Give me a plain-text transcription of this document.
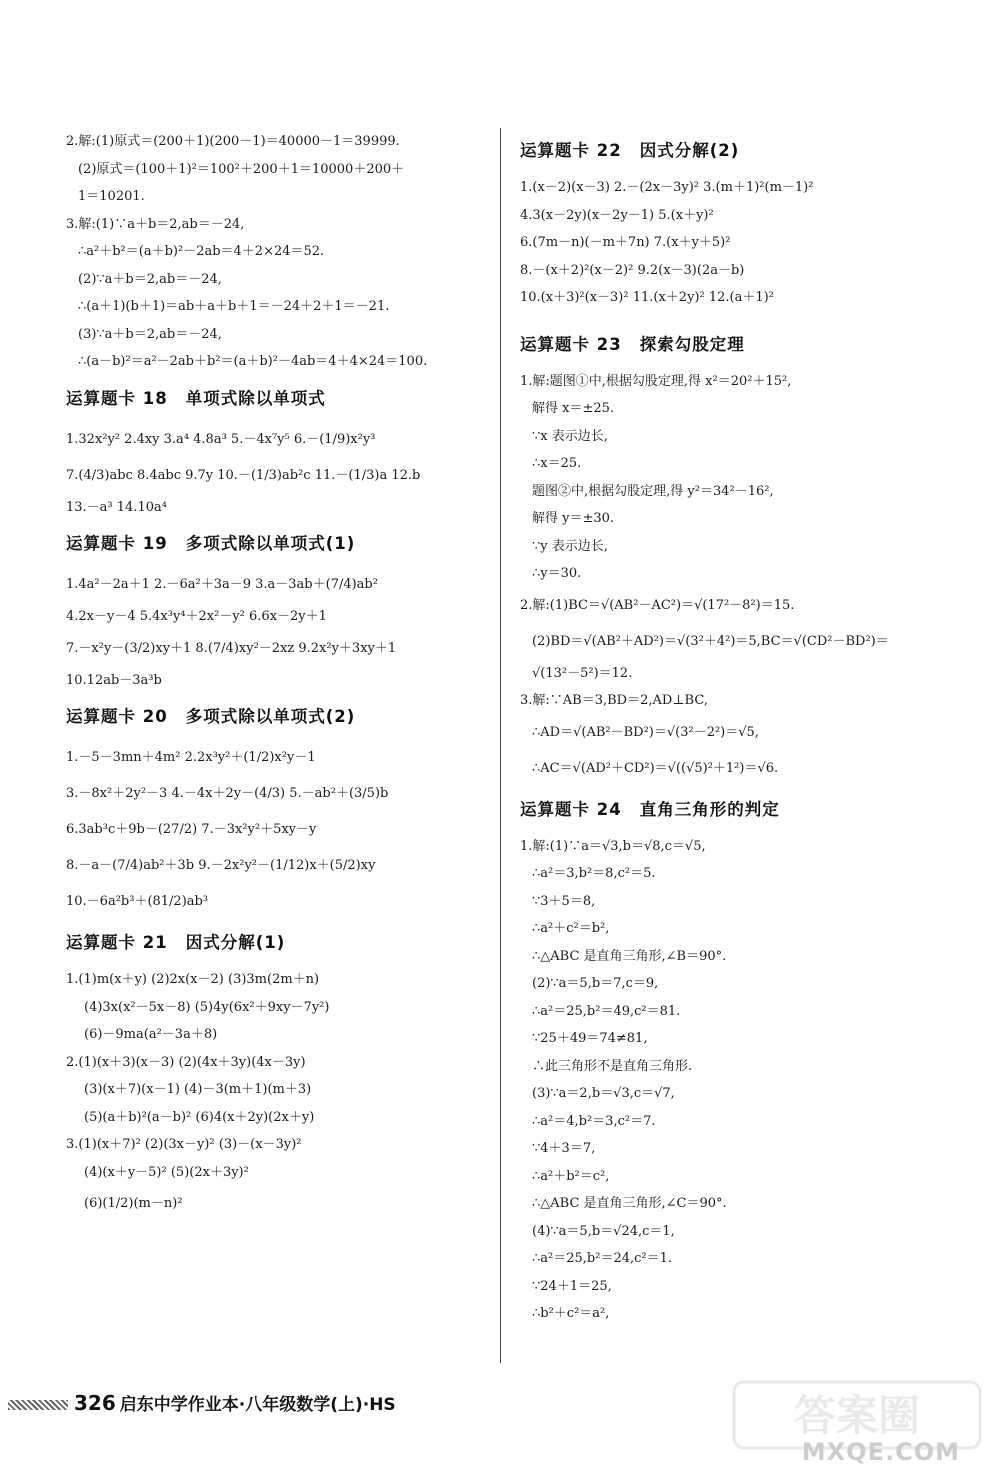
2.解:(1)原式＝(200＋1)(200－1)＝40000－1＝39999.
(2)原式＝(100＋1)²＝100²＋200＋1＝10000＋200＋
1＝10201.
3.解:(1)∵a＋b＝2,ab＝－24,
∴a²＋b²＝(a＋b)²－2ab＝4＋2×24＝52.
(2)∵a＋b＝2,ab＝－24,
∴(a＋1)(b＋1)＝ab＋a＋b＋1＝－24＋2＋1＝－21.
(3)∵a＋b＝2,ab＝－24,
∴(a－b)²＝a²－2ab＋b²＝(a＋b)²－4ab＝4＋4×24＝100.
运算题卡 18 单项式除以单项式
1.32x²y² 2.4xy 3.a⁴ 4.8a³ 5.－4x⁷y⁵ 6.－(1/9)x²y³
7.(4/3)abc 8.4abc 9.7y 10.－(1/3)ab²c 11.－(1/3)a 12.b
13.－a³ 14.10a⁴
运算题卡 19 多项式除以单项式(1)
1.4a²－2a＋1 2.－6a²＋3a－9 3.a－3ab＋(7/4)ab²
4.2x－y－4 5.4x³y⁴＋2x²－y² 6.6x－2y＋1
7.－x²y－(3/2)xy＋1 8.(7/4)xy²－2xz 9.2x²y＋3xy＋1
10.12ab－3a³b
运算题卡 20 多项式除以单项式(2)
1.－5－3mn＋4m² 2.2x³y²＋(1/2)x²y－1
3.－8x²＋2y²－3 4.－4x＋2y－(4/3) 5.－ab²＋(3/5)b
6.3ab³c＋9b－(27/2) 7.－3x²y²＋5xy－y
8.－a－(7/4)ab²＋3b 9.－2x²y²－(1/12)x＋(5/2)xy
10.－6a²b³＋(81/2)ab³
运算题卡 21 因式分解(1)
1.(1)m(x＋y) (2)2x(x－2) (3)3m(2m＋n)
(4)3x(x²－5x－8) (5)4y(6x²＋9xy－7y²)
(6)－9ma(a²－3a＋8)
2.(1)(x＋3)(x－3) (2)(4x＋3y)(4x－3y)
(3)(x＋7)(x－1) (4)－3(m＋1)(m＋3)
(5)(a＋b)²(a－b)² (6)4(x＋2y)(2x＋y)
3.(1)(x＋7)² (2)(3x－y)² (3)－(x－3y)²
(4)(x＋y－5)² (5)(2x＋3y)²
(6)(1/2)(m－n)²
运算题卡 22 因式分解(2)
1.(x－2)(x－3) 2.－(2x－3y)² 3.(m＋1)²(m－1)²
4.3(x－2y)(x－2y－1) 5.(x＋y)²
6.(7m－n)(－m＋7n) 7.(x＋y＋5)²
8.－(x＋2)²(x－2)² 9.2(x－3)(2a－b)
10.(x＋3)²(x－3)² 11.(x＋2y)² 12.(a＋1)²
运算题卡 23 探索勾股定理
1.解:题图①中,根据勾股定理,得 x²＝20²＋15²,
解得 x＝±25.
∵x 表示边长,
∴x＝25.
题图②中,根据勾股定理,得 y²＝34²－16²,
解得 y＝±30.
∵y 表示边长,
∴y＝30.
2.解:(1)BC＝√(AB²－AC²)＝√(17²－8²)＝15.
(2)BD＝√(AB²＋AD²)＝√(3²＋4²)＝5,BC＝√(CD²－BD²)＝
√(13²－5²)＝12.
3.解:∵AB＝3,BD＝2,AD⊥BC,
∴AD＝√(AB²－BD²)＝√(3²－2²)＝√5,
∴AC＝√(AD²＋CD²)＝√((√5)²＋1²)＝√6.
运算题卡 24 直角三角形的判定
1.解:(1)∵a＝√3,b＝√8,c＝√5,
∴a²＝3,b²＝8,c²＝5.
∵3＋5＝8,
∴a²＋c²＝b²,
∴△ABC 是直角三角形,∠B＝90°.
(2)∵a＝5,b＝7,c＝9,
∴a²＝25,b²＝49,c²＝81.
∵25＋49＝74≠81,
∴此三角形不是直角三角形.
(3)∵a＝2,b＝√3,c＝√7,
∴a²＝4,b²＝3,c²＝7.
∵4＋3＝7,
∴a²＋b²＝c²,
∴△ABC 是直角三角形,∠C＝90°.
(4)∵a＝5,b＝√24,c＝1,
∴a²＝25,b²＝24,c²＝1.
∵24＋1＝25,
∴b²＋c²＝a²,
326 启东中学作业本·八年级数学(上)·HS	答案圈
MXQE.COM
